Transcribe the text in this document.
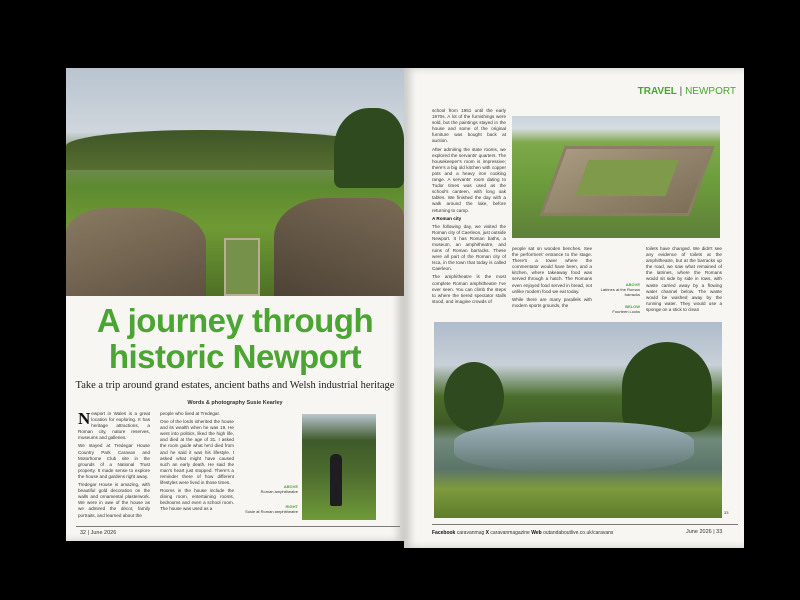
A journey through
historic Newport
Take a trip around grand estates, ancient baths and Welsh industrial heritage
Words & photography Susie Kearley

Newport in Wales is a great location for exploring. It has heritage attractions, a Roman city, nature reserves, museums and galleries.

We stayed at Tredegar House Country Park Caravan and Motorhome Club site in the grounds of a National Trust property. It made sense to explore the house and gardens right away.

Tredegar House is amazing, with beautiful gold decoration on the walls and ornamental plasterwork. We were in awe of the house as we admired the décor, family portraits, and learned about the

people who lived at Tredegar.

One of the lords inherited the house and its wealth when he was 19. He went into politics, liked the high life, and died at the age of 31. I asked the room guide what he'd died from and he said it was his lifestyle. I asked what might have caused such an early death. He said the man's heart just stopped. There's a reminder there of how different lifestyles were lived in those times.

Rooms in the house include the dining room, entertaining rooms, bedrooms and even a school room. The house was used as a

ABOVE
Roman amphitheatre
RIGHT
Susie at Roman amphitheatre
32 | June 2026
TRAVEL | NEWPORT

school from 1951 until the early 1970s. A lot of the furnishings were sold, but the paintings stayed in the house and some of the original furniture was bought back at auction.

After admiring the state rooms, we explored the servants' quarters. The housekeeper's room is impressive; there's a big old kitchen with copper pots and a heavy iron cooking range. A servants' room dating to Tudor times was used as the school's canteen, with long oak tables. We finished the day with a walk around the lake, before returning to camp.

A Roman city

The following day, we visited the Roman city of Caerleon, just outside Newport. It has Roman baths, a museum, an amphitheatre, and ruins of Roman barracks. These were all part of the Roman city of Isca, in the town that today is called Caerleon.

The amphitheatre is the most complete Roman amphitheatre I've ever seen. You can climb the steps to where the tiered spectator stalls stood, and imagine crowds of

people sat on wooden benches. See the performers' entrance to the stage. There's a tower where the commentator would have been, and a kitchen, where takeaway food was served through a hatch. The Romans even enjoyed food served in bread, not unlike modern food we eat today.

While there are many parallels with modern sports grounds, the

ABOVE
Latrines at the Roman barracks
BELOW
Fourteen Locks

toilets have changed. We didn't see any evidence of toilets at the amphitheatre, but at the barracks up the road, we saw what remained of the latrines, where the Romans would sit side by side in rows, with waste carried away by a flowing water channel below. The waste would be washed away by the running water. They would use a sponge on a stick to clean

33
Facebook caravanmag X caravanmagazine Web outandaboutlive.co.uk/caravans	June 2026 | 33
